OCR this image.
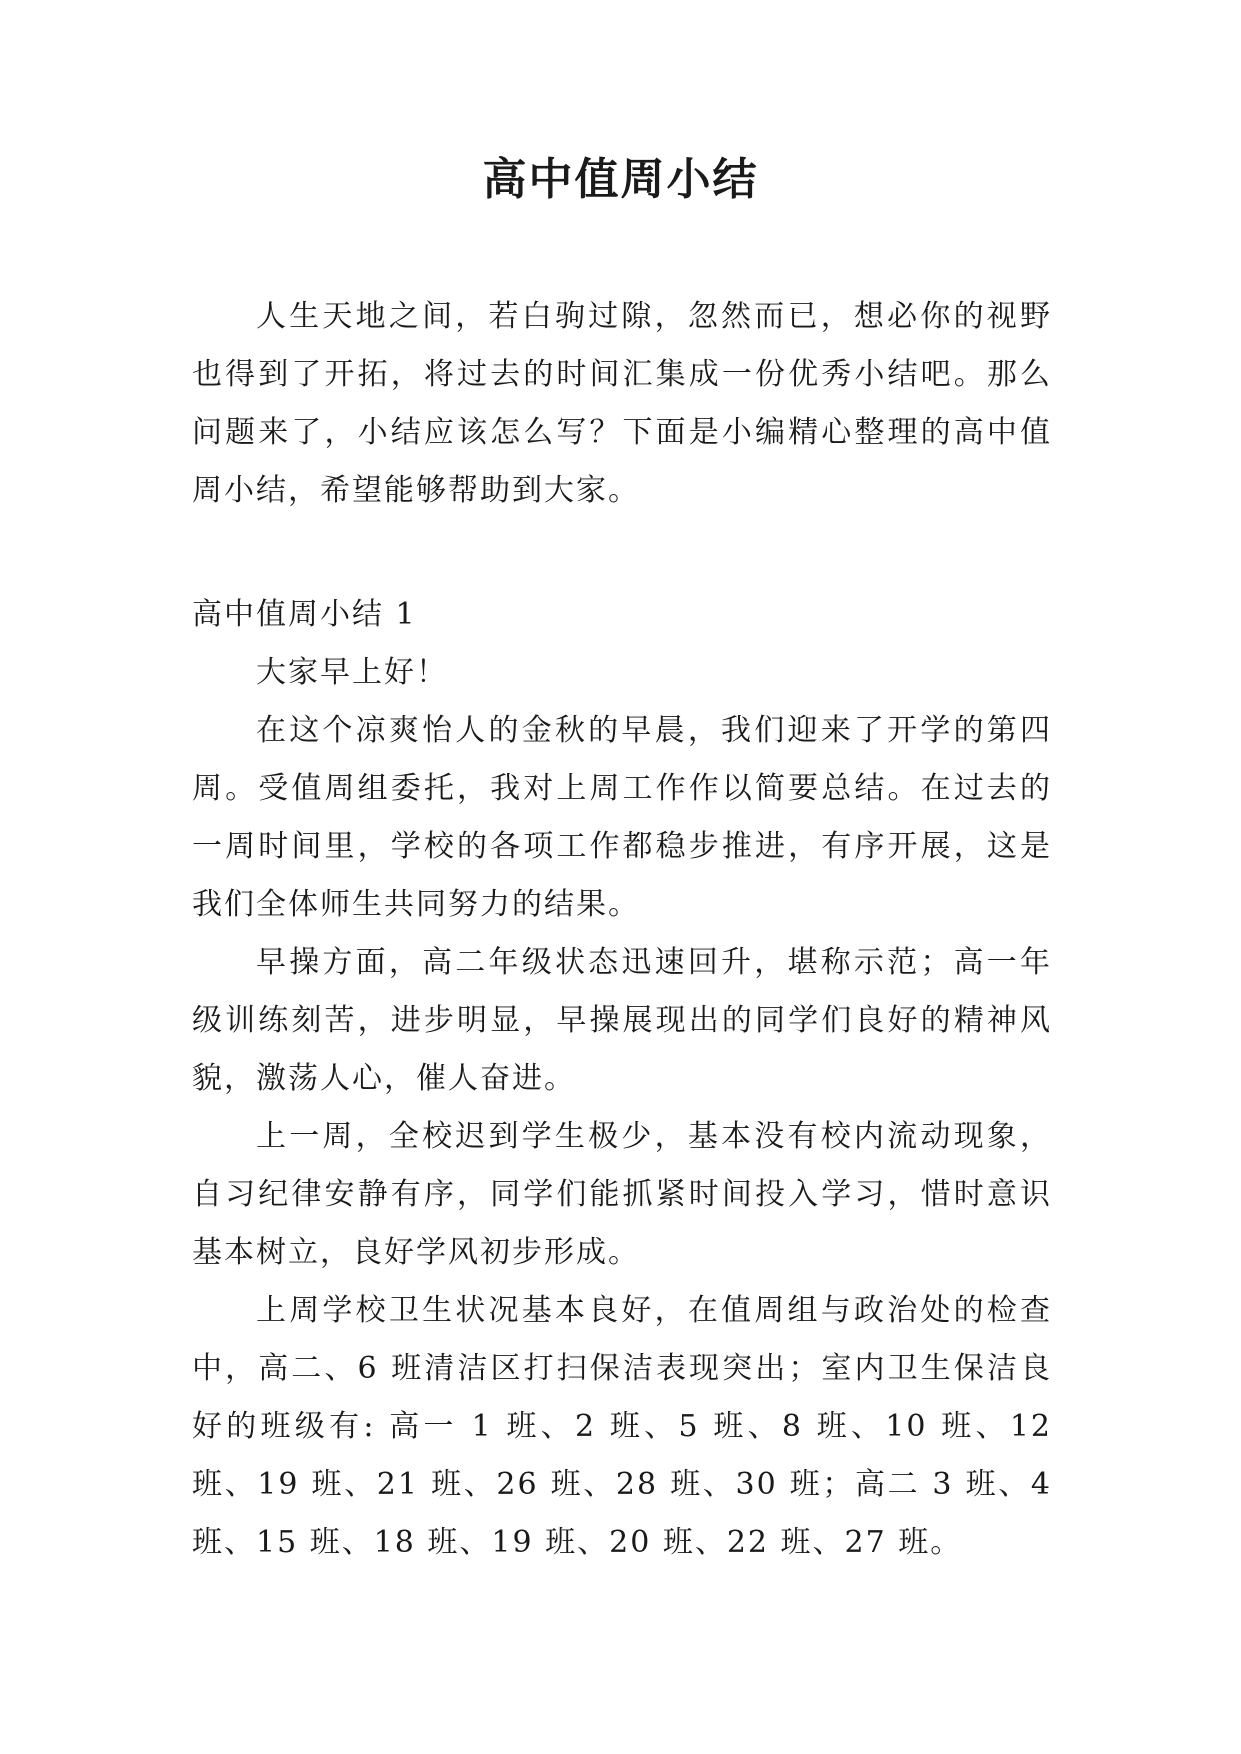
高中值周小结

人生天地之间，若白驹过隙，忽然而已，想必你的视野也得到了开拓，将过去的时间汇集成一份优秀小结吧。那么问题来了，小结应该怎么写？下面是小编精心整理的高中值周小结，希望能够帮助到大家。

高中值周小结 1

大家早上好！

在这个凉爽怡人的金秋的早晨，我们迎来了开学的第四周。受值周组委托，我对上周工作作以简要总结。在过去的一周时间里，学校的各项工作都稳步推进，有序开展，这是我们全体师生共同努力的结果。

早操方面，高二年级状态迅速回升，堪称示范；高一年级训练刻苦，进步明显，早操展现出的同学们良好的精神风貌，激荡人心，催人奋进。

上一周，全校迟到学生极少，基本没有校内流动现象，自习纪律安静有序，同学们能抓紧时间投入学习，惜时意识基本树立，良好学风初步形成。

上周学校卫生状况基本良好，在值周组与政治处的检查中，高二、6 班清洁区打扫保洁表现突出；室内卫生保洁良好的班级有: 高一 1 班、2 班、5 班、8 班、10 班、12 班、19 班、21 班、26 班、28 班、30 班；高二 3 班、4 班、15 班、18 班、19 班、20 班、22 班、27 班。
